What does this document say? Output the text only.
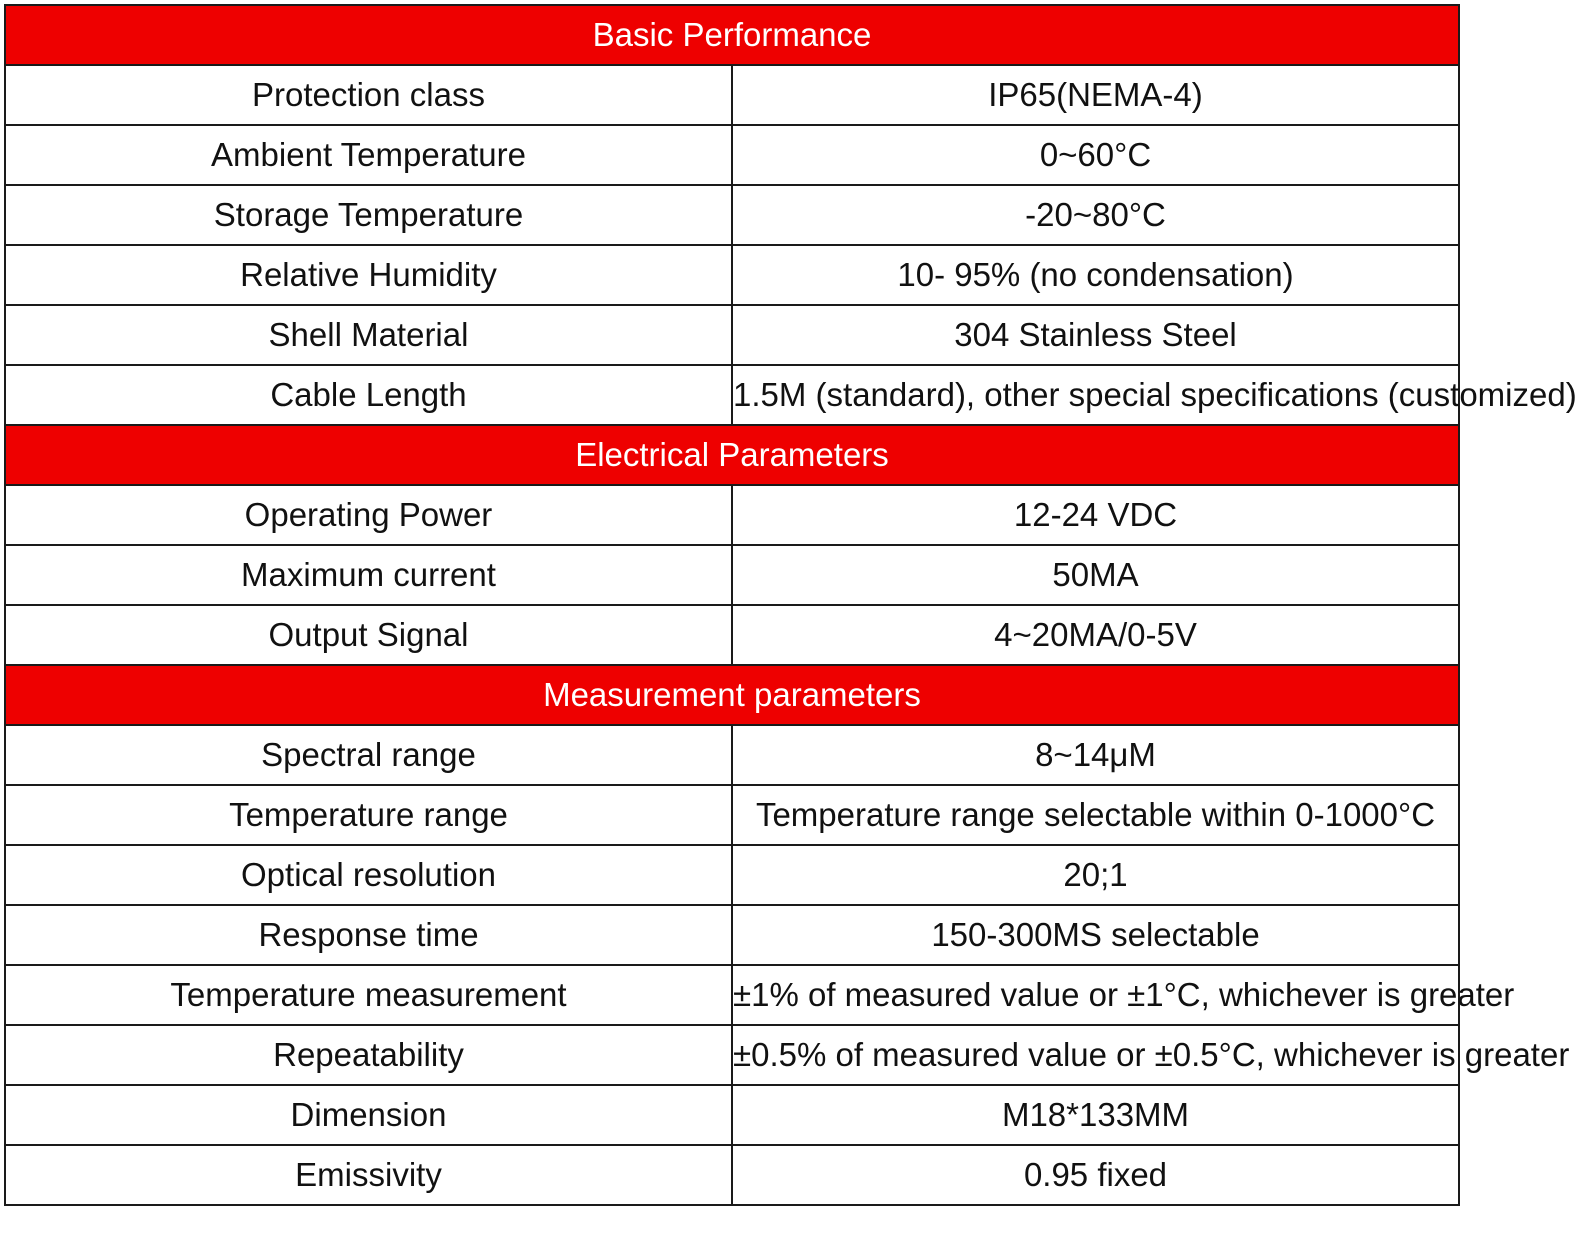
Basic Performance	
Protection class	IP65(NEMA-4)
Ambient Temperature	0~60°C
Storage Temperature	-20~80°C
Relative Humidity	10- 95% (no condensation)
Shell Material	304 Stainless Steel
Cable Length	1.5M (standard), other special specifications (customized)
Electrical Parameters	
Operating Power	12-24 VDC
Maximum current	50MA
Output Signal	4~20MA/0-5V
Measurement parameters	
Spectral range	8~14μM
Temperature range	Temperature range selectable within 0-1000°C
Optical resolution	20;1
Response time	150-300MS selectable
Temperature measurement	±1% of measured value or ±1°C, whichever is greater
Repeatability	±0.5% of measured value or ±0.5°C, whichever is greater
Dimension	M18*133MM
Emissivity	0.95 fixed
